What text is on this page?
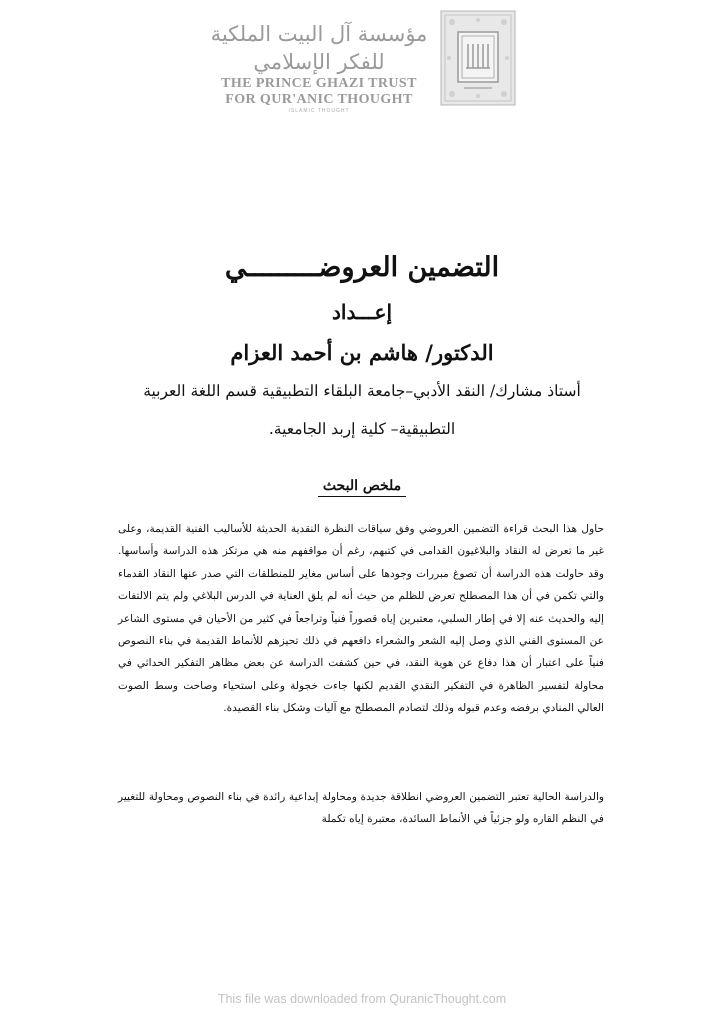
مؤسسة آل البيت الملكية للفكر الإسلامي
THE PRINCE GHAZI TRUST
FOR QUR'ANIC THOUGHT
ISLAMIC THOUGHT
التضمين العروضـــــــــي
إعـــداد
الدكتور/ هاشم بن أحمد العزام
أستاذ مشارك/ النقد الأدبي–جامعة البلقاء التطبيقية قسم اللغة العربية
التطبيقية– كلية إربد الجامعية.
ملخص البحث

حاول هذا البحث قراءة التضمين العروضي وفق سياقات النظرة النقدية الحديثة للأساليب الفنية القديمة، وعلى غير ما تعرض له النقاد والبلاغيون القدامى في كتبهم، رغم أن مواقفهم منه هي مرتكز هذه الدراسة وأساسها. وقد حاولت هذه الدراسة أن تصوغ مبررات وجودها على أساس مغاير للمنطلقات التي صدر عنها النقاد القدماء والتي تكمن في أن هذا المصطلح تعرض للظلم من حيث أنه لم يلق العناية في الدرس البلاغي ولم يتم الالتفات إليه والحديث عنه إلا في إطار السلبي، معتبرين إياه قصوراً فنياً وتراجعاً في كثير من الأحيان في مستوى الشاعر عن المستوى الفني الذي وصل إليه الشعر والشعراء دافعهم في ذلك تحيزهم للأنماط القديمة في بناء النصوص فنياً على اعتبار أن هذا دفاع عن هوية النقد، في حين كشفت الدراسة عن بعض مظاهر التفكير الحداثي في محاولة لتفسير الظاهرة في التفكير النقدي القديم لكنها جاءت خجولة وعلى استحياء وصاحت وسط الصوت العالي المنادي برفضه وعدم قبوله وذلك لتصادم المصطلح مع آليات وشكل بناء القصيدة.

والدراسة الحالية تعتبر التضمين العروضي انطلاقة جديدة ومحاولة إبداعية رائدة في بناء النصوص ومحاولة للتغيير في النظم القاره ولو جزئياً في الأنماط السائدة، معتبرة إياه تكملة

This file was downloaded from QuranicThought.com
